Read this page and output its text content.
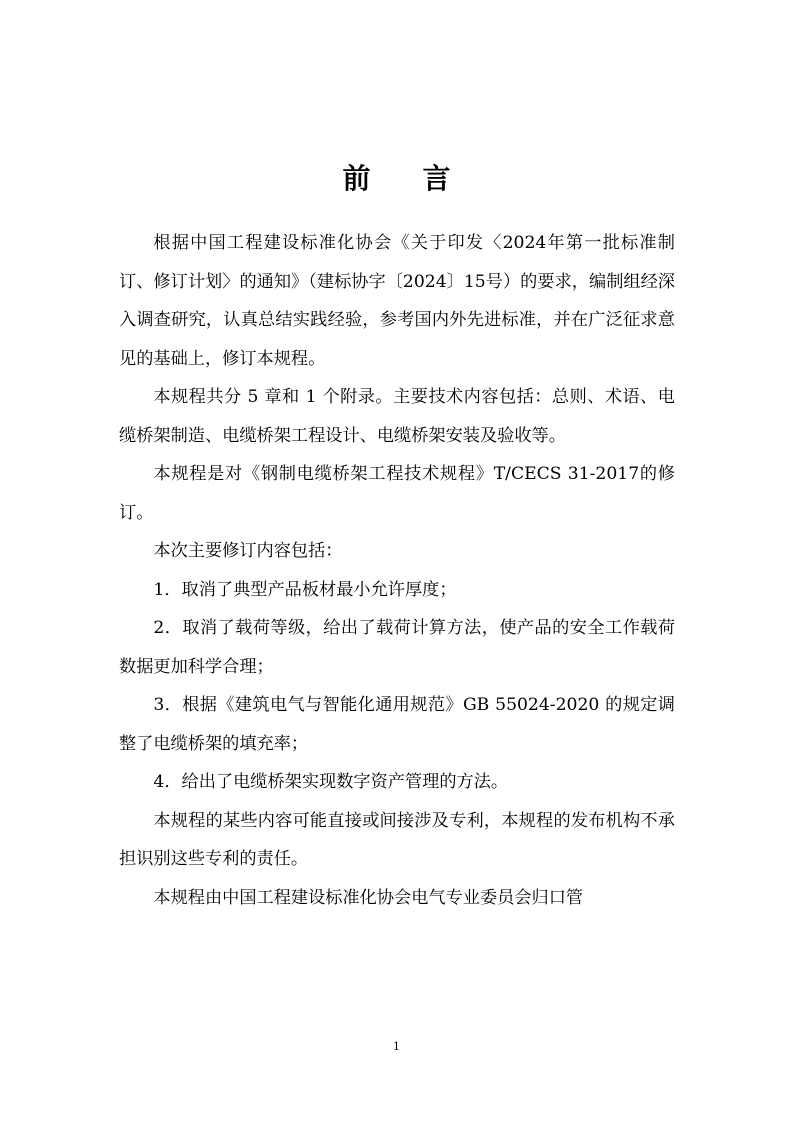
前言

根据中国工程建设标准化协会《关于印发〈2024年第一批标准制订、修订计划〉的通知》（建标协字〔2024〕15号）的要求，编制组经深入调查研究，认真总结实践经验，参考国内外先进标准，并在广泛征求意见的基础上，修订本规程。

本规程共分 5 章和 1 个附录。主要技术内容包括：总则、术语、电缆桥架制造、电缆桥架工程设计、电缆桥架安装及验收等。

本规程是对《钢制电缆桥架工程技术规程》T/CECS 31-2017的修订。

本次主要修订内容包括：

1．取消了典型产品板材最小允许厚度；

2．取消了载荷等级，给出了载荷计算方法，使产品的安全工作载荷数据更加科学合理；

3．根据《建筑电气与智能化通用规范》GB 55024-2020 的规定调整了电缆桥架的填充率；

4．给出了电缆桥架实现数字资产管理的方法。

本规程的某些内容可能直接或间接涉及专利，本规程的发布机构不承担识别这些专利的责任。

本规程由中国工程建设标准化协会电气专业委员会归口管

1
